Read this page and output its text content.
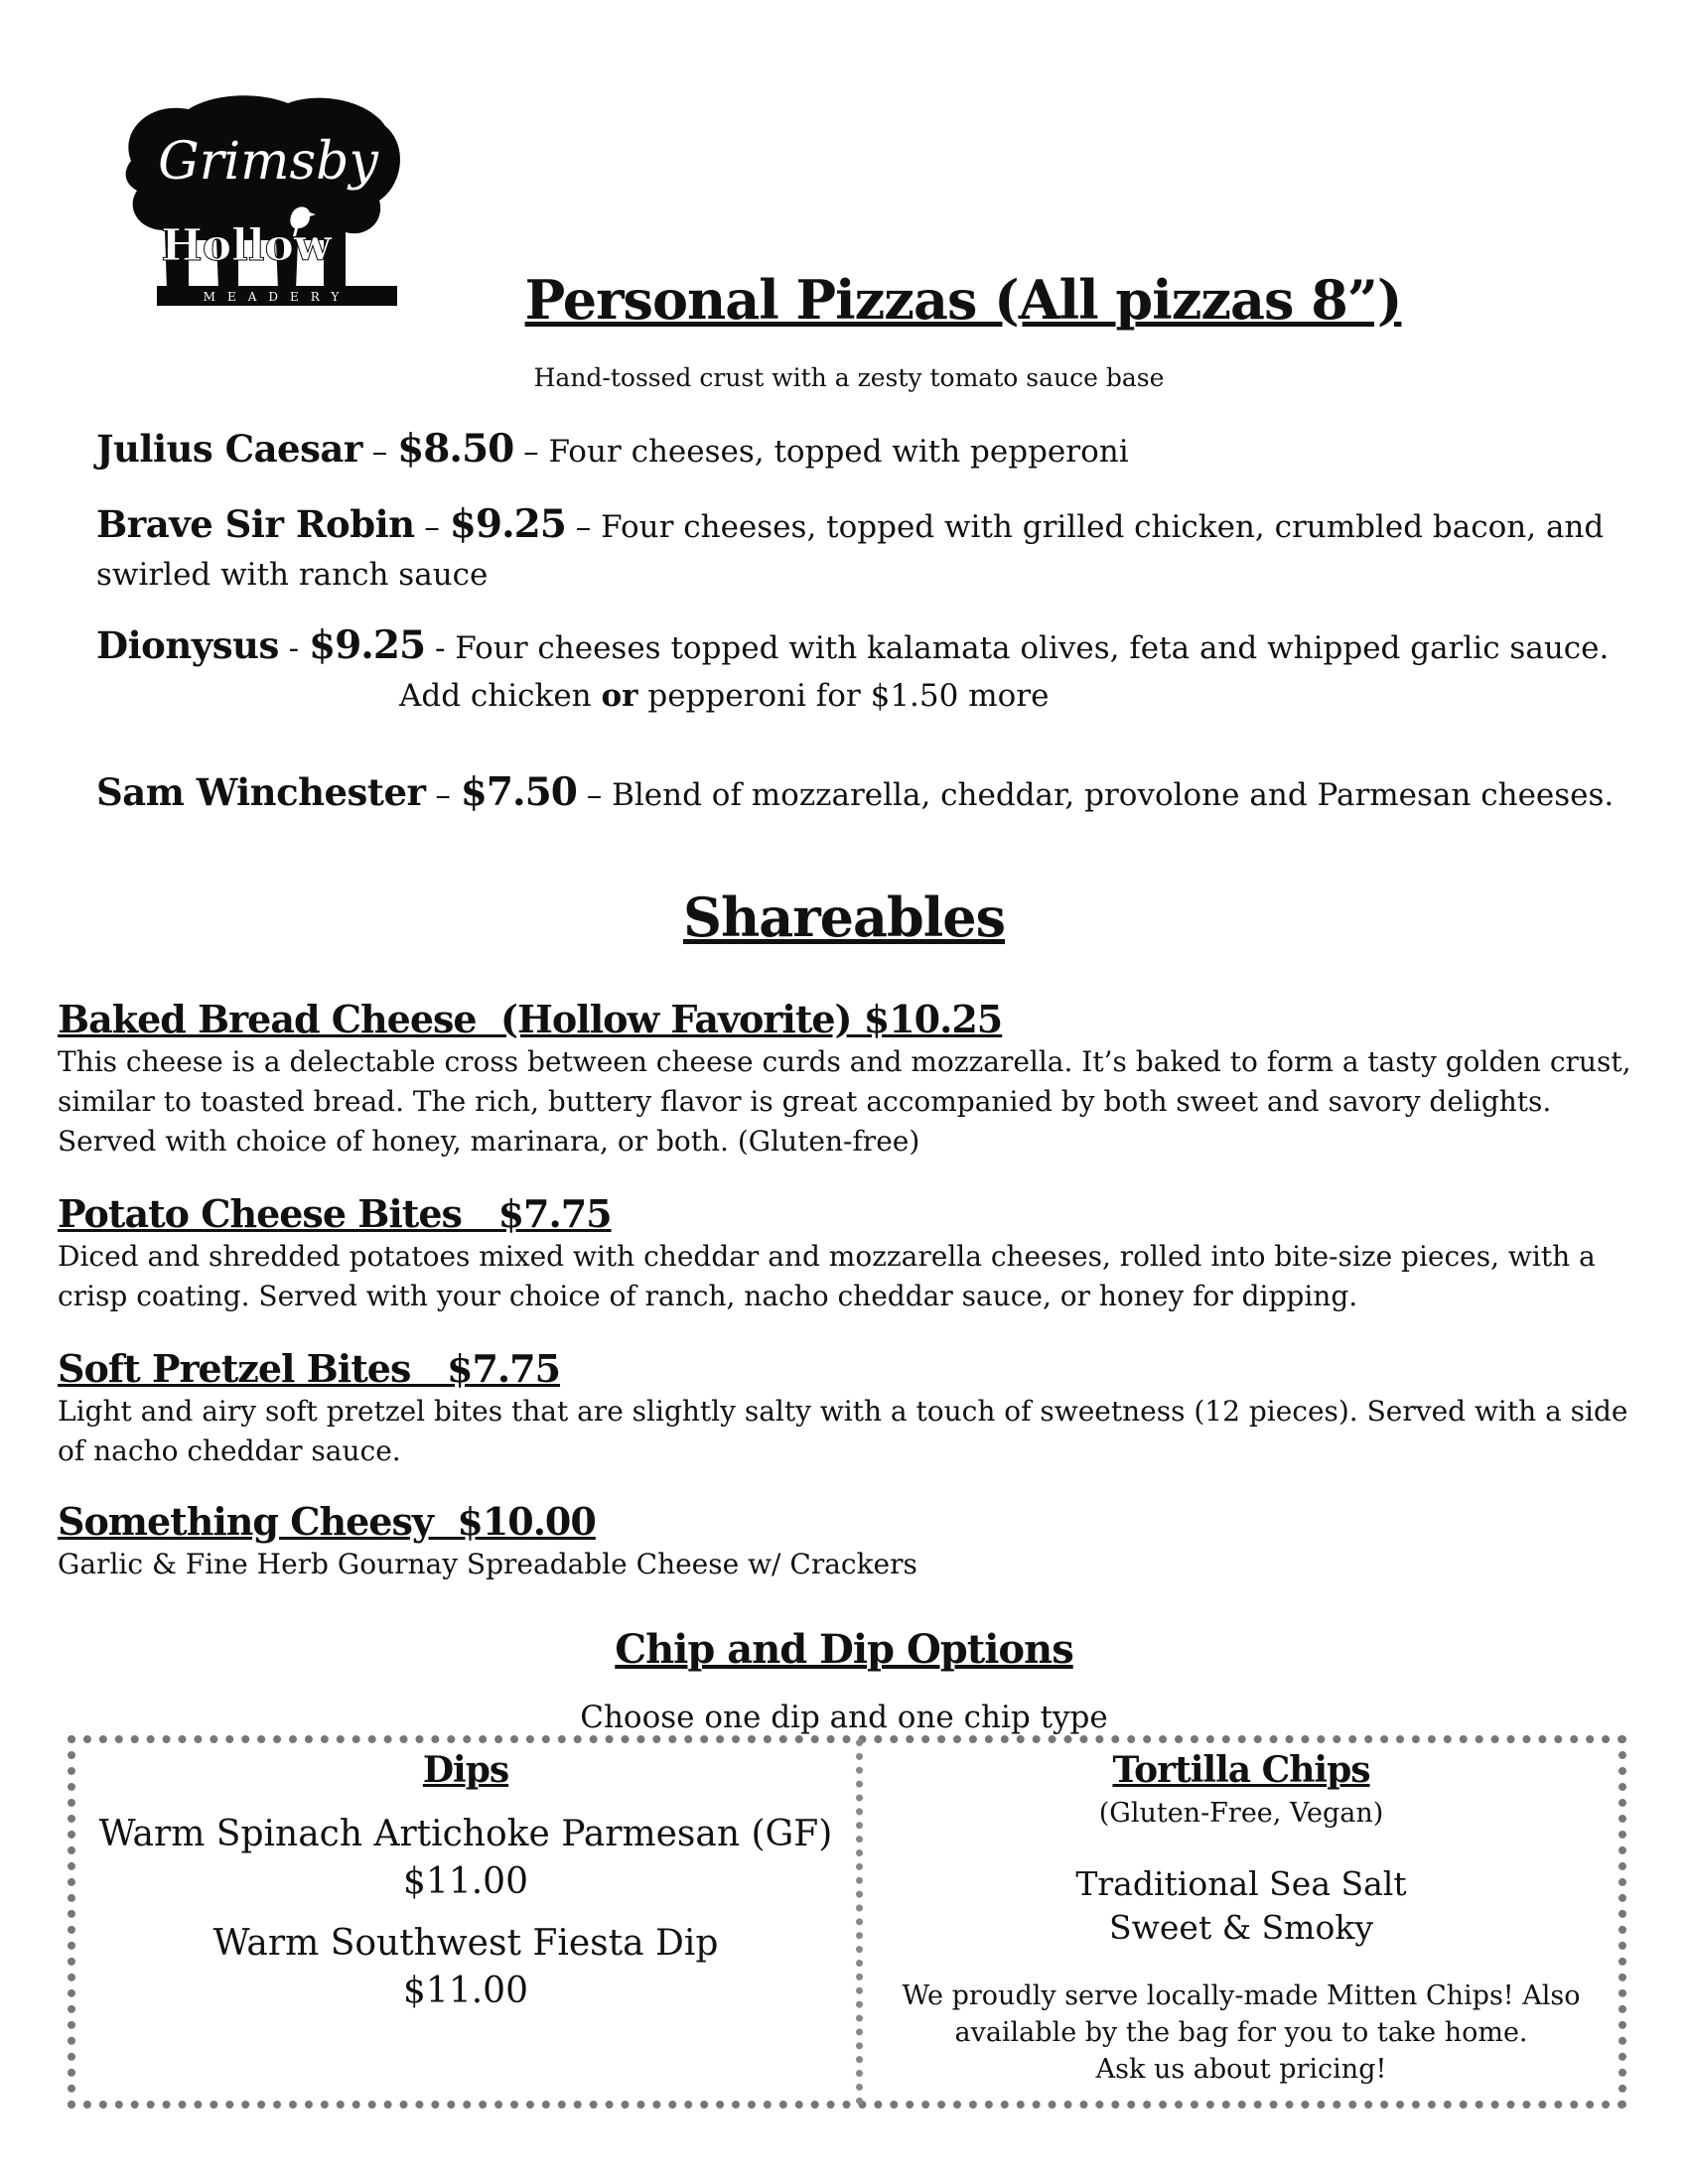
MEADERY
Grimsby
Hollow
Personal Pizzas (All pizzas 8”)
Hand-tossed crust with a zesty tomato sauce base
Julius Caesar – $8.50 – Four cheeses, topped with pepperoni
Brave Sir Robin – $9.25 – Four cheeses, topped with grilled chicken, crumbled bacon, and swirled with ranch sauce
Dionysus - $9.25 - Four cheeses topped with kalamata olives, feta and whipped garlic sauce.
Add chicken or pepperoni for $1.50 more
Sam Winchester – $7.50 – Blend of mozzarella, cheddar, provolone and Parmesan cheeses.
Shareables
Baked Bread Cheese  (Hollow Favorite) $10.25
This cheese is a delectable cross between cheese curds and mozzarella. It’s baked to form a tasty golden crust, similar to toasted bread. The rich, buttery flavor is great accompanied by both sweet and savory delights. Served with choice of honey, marinara, or both. (Gluten-free)
Potato Cheese Bites   $7.75
Diced and shredded potatoes mixed with cheddar and mozzarella cheeses, rolled into bite-size pieces, with a crisp coating. Served with your choice of ranch, nacho cheddar sauce, or honey for dipping.
Soft Pretzel Bites   $7.75
Light and airy soft pretzel bites that are slightly salty with a touch of sweetness (12 pieces). Served with a side of nacho cheddar sauce.
Something Cheesy  $10.00
Garlic & Fine Herb Gournay Spreadable Cheese w/ Crackers
Chip and Dip Options
Choose one dip and one chip type
Dips
Warm Spinach Artichoke Parmesan (GF)
$11.00
Warm Southwest Fiesta Dip
$11.00
Tortilla Chips
(Gluten-Free, Vegan)
Traditional Sea Salt
Sweet & Smoky
We proudly serve locally-made Mitten Chips! Also
available by the bag for you to take home.
Ask us about pricing!
